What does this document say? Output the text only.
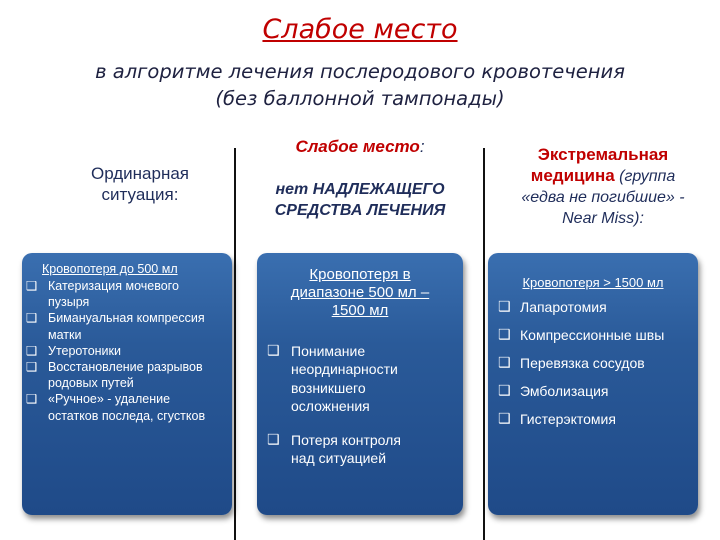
Слабое место
в алгоритме лечения послеродового кровотечения
(без баллонной тампонады)
Ординарная
ситуация:
Слабое место:
нет НАДЛЕЖАЩЕГО
СРЕДСТВА ЛЕЧЕНИЯ
Экстремальная
медицина (группа
«едва не погибшие» -
Near Miss):
Кровопотеря до 500 мл
❑ Катеризация мочевого
пузыря
❑ Бимануальная компрессия
матки
❑ Утеротоники
❑ Восстановление разрывов
родовых путей
❑ «Ручное» - удаление
остатков последа, сгустков
Кровопотеря в
диапазоне 500 мл –
1500 мл
❑ Понимание
неординарности
возникшего
осложнения
❑ Потеря контроля
над ситуацией
Кровопотеря > 1500 мл
❑ Лапаротомия
❑ Компрессионные швы
❑ Перевязка сосудов
❑ Эмболизация
❑ Гистерэктомия
